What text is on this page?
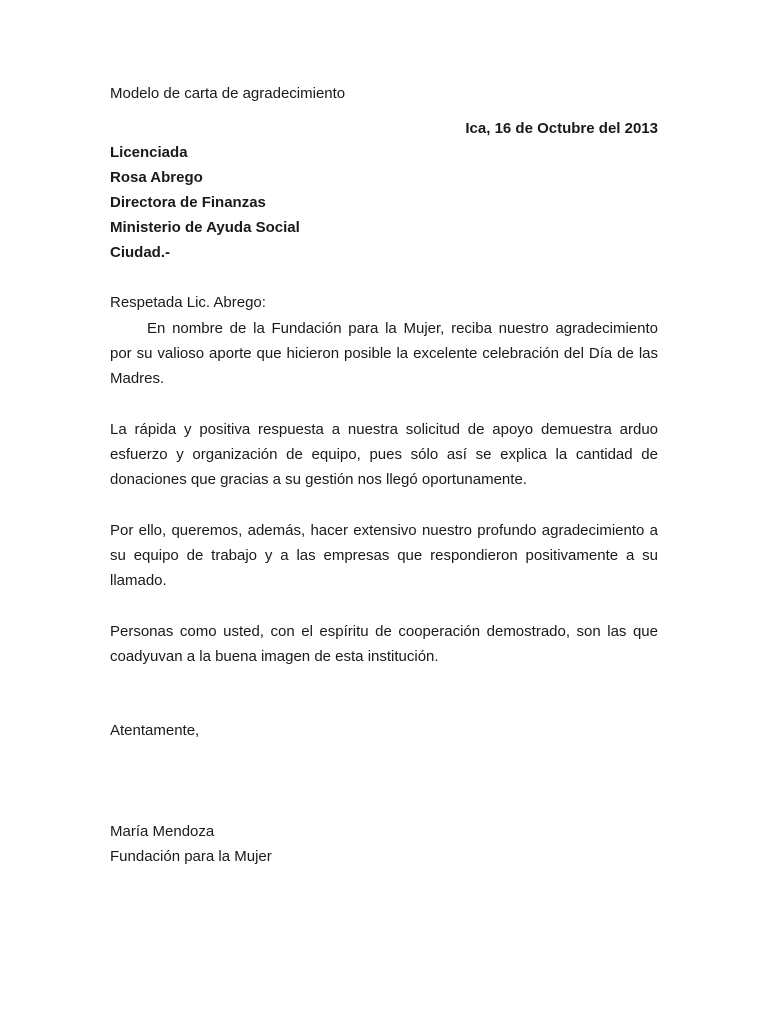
Modelo de carta de agradecimiento
Ica, 16 de Octubre del 2013
Licenciada
Rosa Abrego
Directora de Finanzas
Ministerio de Ayuda Social
Ciudad.-
Respetada Lic. Abrego:
En nombre de la Fundación para la Mujer, reciba nuestro agradecimiento por su valioso aporte que hicieron posible la excelente celebración del Día de las Madres.
La rápida y positiva respuesta a nuestra solicitud de apoyo demuestra arduo esfuerzo y organización de equipo, pues sólo así se explica la cantidad de donaciones que gracias a su gestión nos llegó oportunamente.
Por ello, queremos, además, hacer extensivo nuestro profundo agradecimiento a su equipo de trabajo y a las empresas que respondieron positivamente a su llamado.
Personas como usted, con el espíritu de cooperación demostrado, son las que coadyuvan a la buena imagen de esta institución.
Atentamente,
María Mendoza
Fundación para la Mujer
